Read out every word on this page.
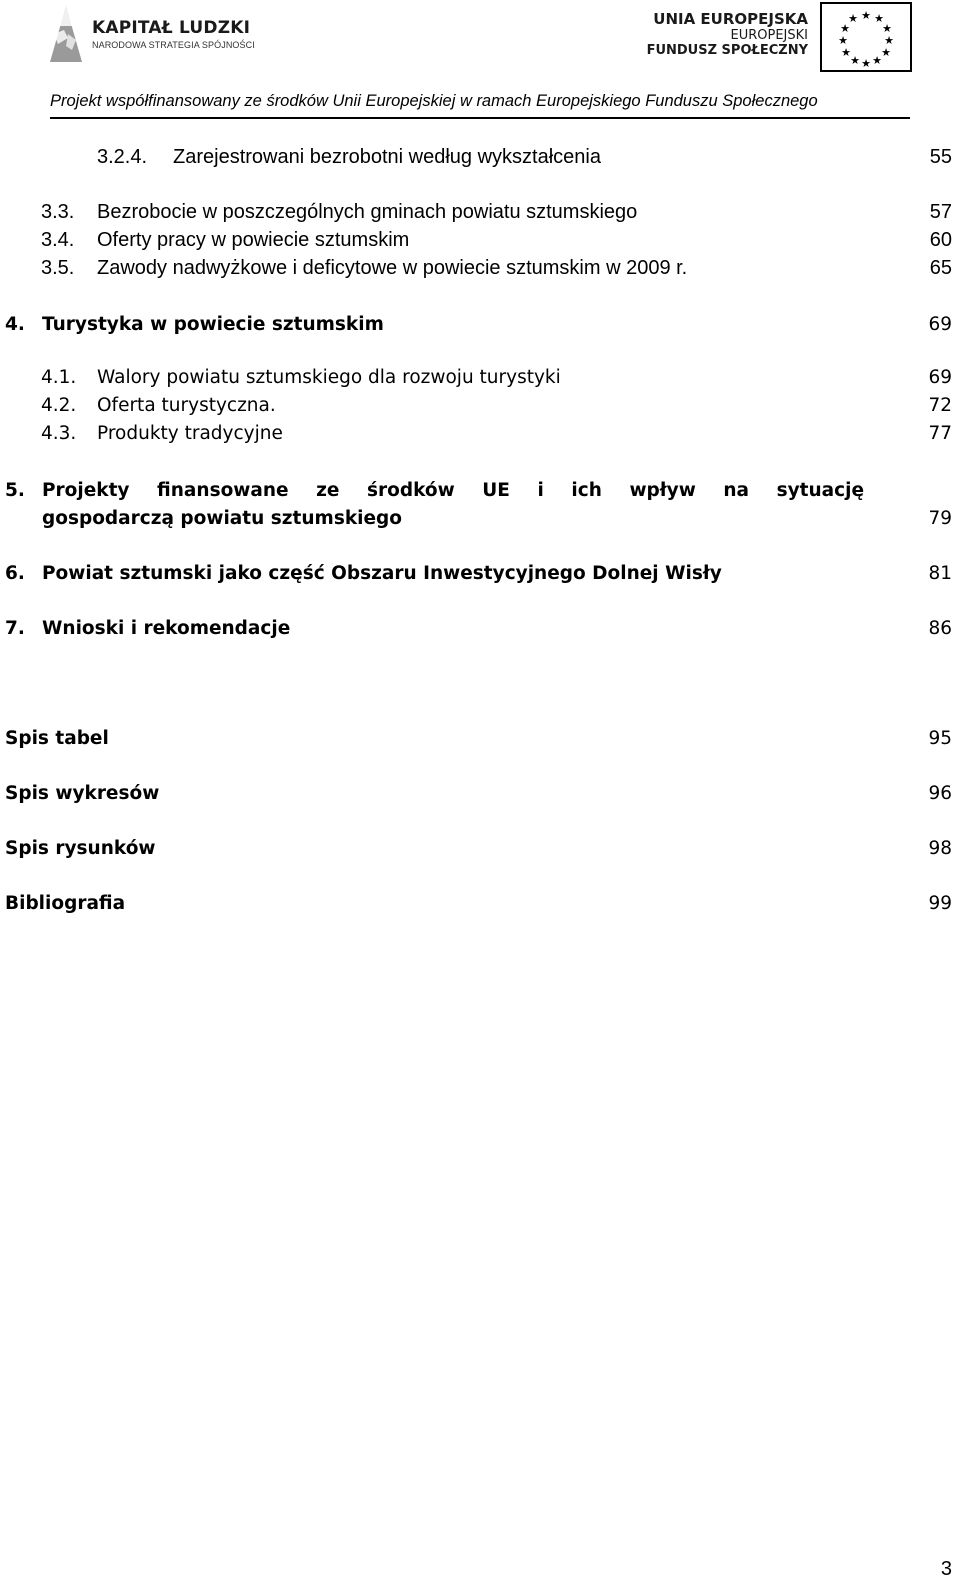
KAPITAŁ LUDZKI
NARODOWA STRATEGIA SPÓJNOŚCI
UNIA EUROPEJSKA
EUROPEJSKI
FUNDUSZ SPOŁECZNY
★ ★
★
★
★
★
★
★
★
★
★
★
Projekt współfinansowany ze środków Unii Europejskiej w ramach Europejskiego Funduszu Społecznego
3.2.4. Zarejestrowani bezrobotni według wykształcenia	55
3.3. Bezrobocie w poszczególnych gminach powiatu sztumskiego	57
3.4. Oferty pracy w powiecie sztumskim	60
3.5. Zawody nadwyżkowe i deficytowe w powiecie sztumskim w 2009 r.	65
4. Turystyka w powiecie sztumskim	69
4.1. Walory powiatu sztumskiego dla rozwoju turystyki	69
4.2. Oferta turystyczna.	72
4.3. Produkty tradycyjne	77
5. Projekty finansowane ze środków UE i ich wpływ na sytuację
gospodarczą powiatu sztumskiego	79
6. Powiat sztumski jako część Obszaru Inwestycyjnego Dolnej Wisły	81
7. Wnioski i rekomendacje	86
Spis tabel	95
Spis wykresów	96
Spis rysunków	98
Bibliografia	99
3
